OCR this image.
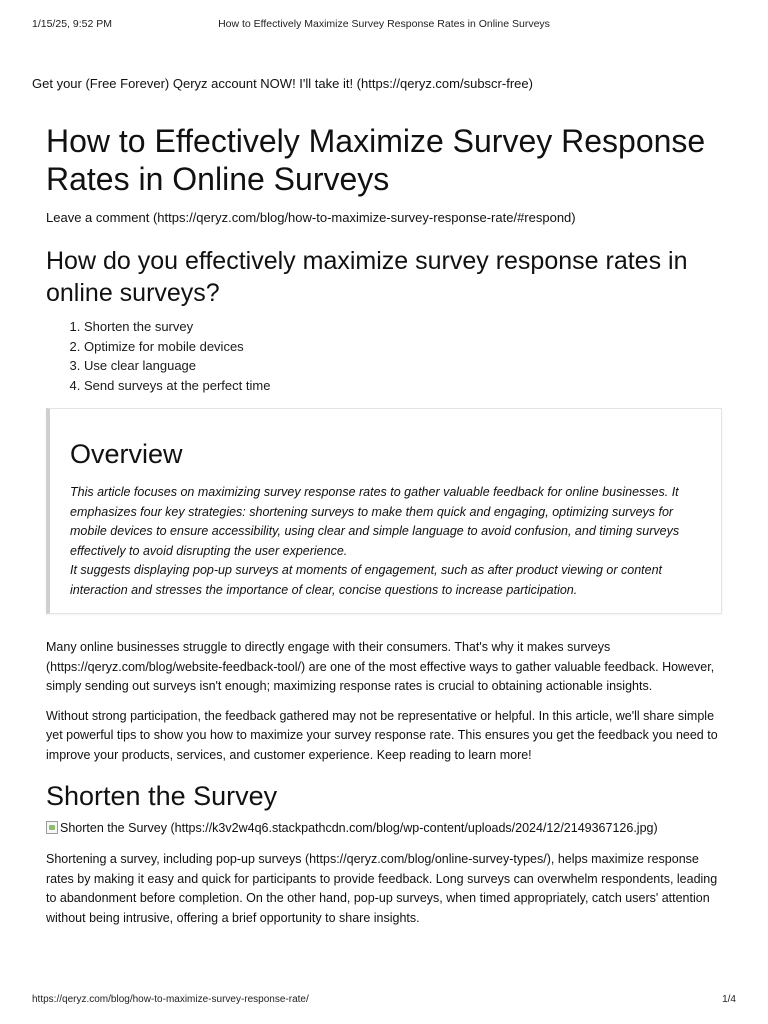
1/15/25, 9:52 PM	How to Effectively Maximize Survey Response Rates in Online Surveys
Get your (Free Forever) Qeryz account NOW! I'll take it! (https://qeryz.com/subscr-free)
How to Effectively Maximize Survey Response Rates in Online Surveys
Leave a comment (https://qeryz.com/blog/how-to-maximize-survey-response-rate/#respond)
How do you effectively maximize survey response rates in online surveys?
1. Shorten the survey
2. Optimize for mobile devices
3. Use clear language
4. Send surveys at the perfect time
Overview

This article focuses on maximizing survey response rates to gather valuable feedback for online businesses. It emphasizes four key strategies: shortening surveys to make them quick and engaging, optimizing surveys for mobile devices to ensure accessibility, using clear and simple language to avoid confusion, and timing surveys effectively to avoid disrupting the user experience.

It suggests displaying pop-up surveys at moments of engagement, such as after product viewing or content interaction and stresses the importance of clear, concise questions to increase participation.

Many online businesses struggle to directly engage with their consumers. That's why it makes surveys (https://qeryz.com/blog/website-feedback-tool/) are one of the most effective ways to gather valuable feedback. However, simply sending out surveys isn't enough; maximizing response rates is crucial to obtaining actionable insights.

Without strong participation, the feedback gathered may not be representative or helpful. In this article, we'll share simple yet powerful tips to show you how to maximize your survey response rate. This ensures you get the feedback you need to improve your products, services, and customer experience. Keep reading to learn more!

Shorten the Survey
Shorten the Survey (https://k3v2w4q6.stackpathcdn.com/blog/wp-content/uploads/2024/12/2149367126.jpg)

Shortening a survey, including pop-up surveys (https://qeryz.com/blog/online-survey-types/), helps maximize response rates by making it easy and quick for participants to provide feedback. Long surveys can overwhelm respondents, leading to abandonment before completion. On the other hand, pop-up surveys, when timed appropriately, catch users' attention without being intrusive, offering a brief opportunity to share insights.

https://qeryz.com/blog/how-to-maximize-survey-response-rate/	1/4
